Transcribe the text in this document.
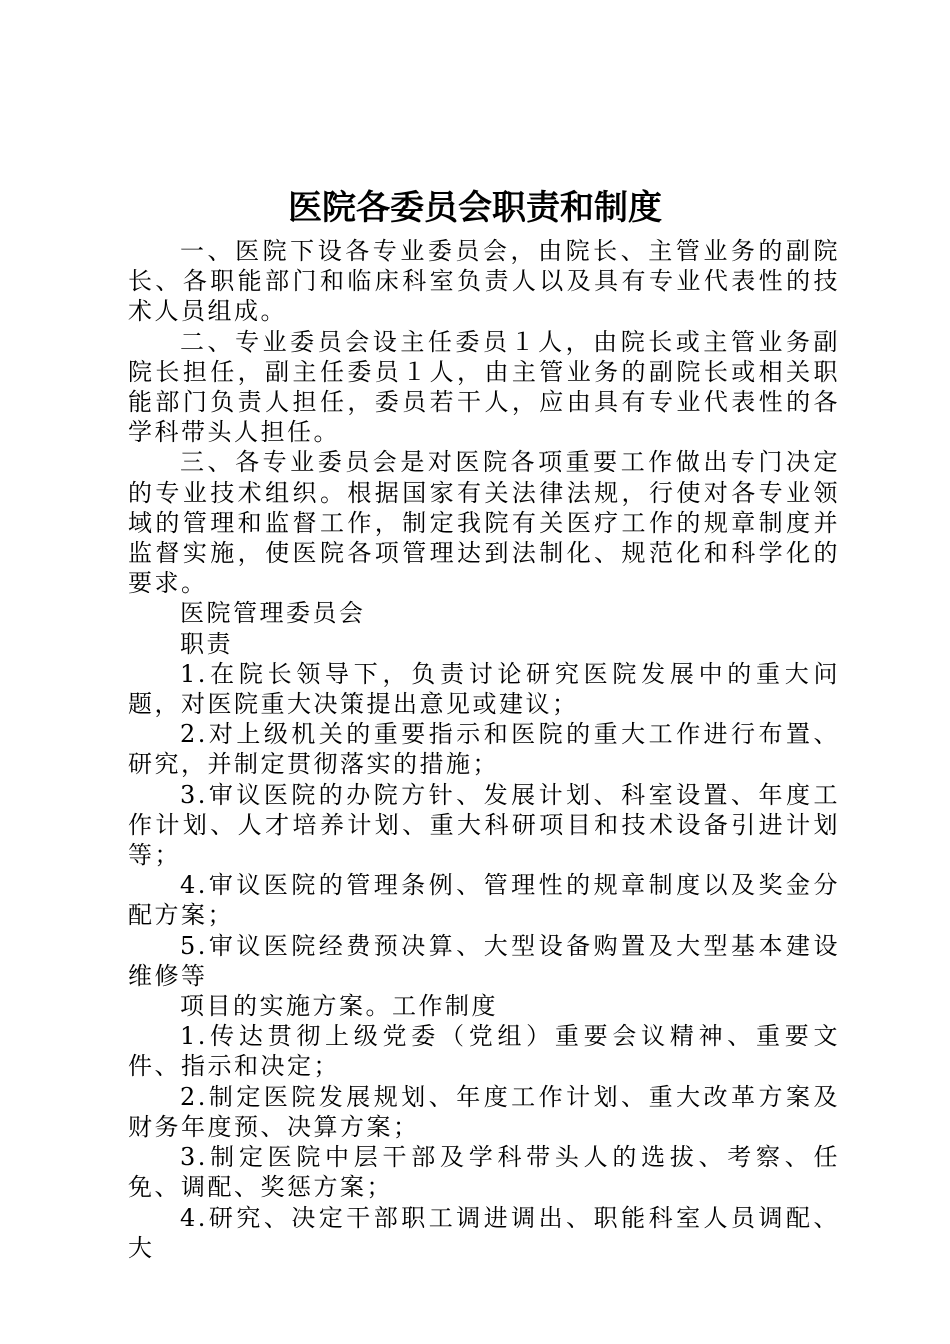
医院各委员会职责和制度

一、医院下设各专业委员会，由院长、主管业务的副院长、各职能部门和临床科室负责人以及具有专业代表性的技术人员组成。

二、专业委员会设主任委员１人，由院长或主管业务副院长担任，副主任委员１人，由主管业务的副院长或相关职能部门负责人担任，委员若干人，应由具有专业代表性的各学科带头人担任。

三、各专业委员会是对医院各项重要工作做出专门决定的专业技术组织。根据国家有关法律法规，行使对各专业领域的管理和监督工作，制定我院有关医疗工作的规章制度并监督实施，使医院各项管理达到法制化、规范化和科学化的要求。

医院管理委员会

职责

1.在院长领导下，负责讨论研究医院发展中的重大问题，对医院重大决策提出意见或建议；

2.对上级机关的重要指示和医院的重大工作进行布置、研究，并制定贯彻落实的措施；

3.审议医院的办院方针、发展计划、科室设置、年度工作计划、人才培养计划、重大科研项目和技术设备引进计划等；

4.审议医院的管理条例、管理性的规章制度以及奖金分配方案；

5.审议医院经费预决算、大型设备购置及大型基本建设维修等

项目的实施方案。工作制度

1.传达贯彻上级党委（党组）重要会议精神、重要文件、指示和决定；

2.制定医院发展规划、年度工作计划、重大改革方案及财务年度预、决算方案；

3.制定医院中层干部及学科带头人的选拔、考察、任免、调配、奖惩方案；

4.研究、决定干部职工调进调出、职能科室人员调配、大
